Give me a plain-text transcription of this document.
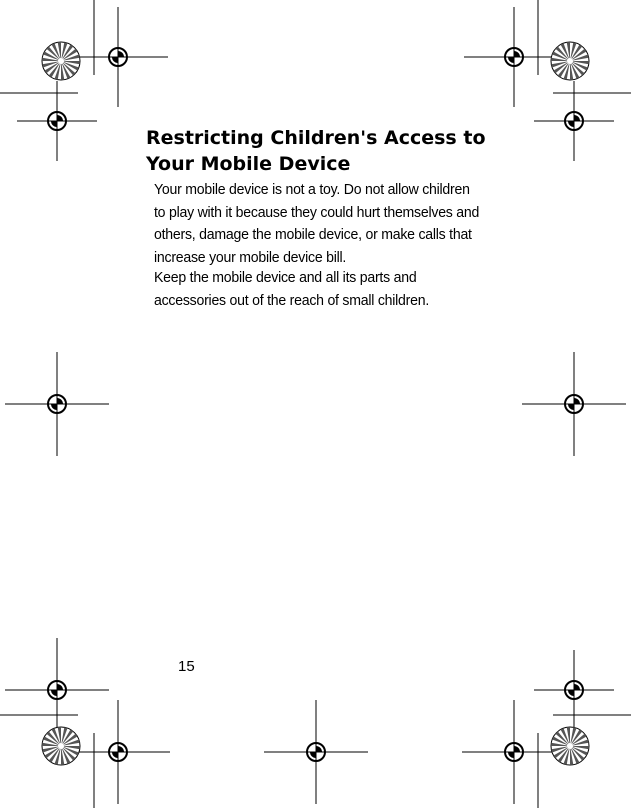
Restricting Children's Access to Your Mobile Device

Your mobile device is not a toy. Do not allow children to play with it because they could hurt themselves and others, damage the mobile device, or make calls that increase your mobile device bill.

Keep the mobile device and all its parts and accessories out of the reach of small children.

15
